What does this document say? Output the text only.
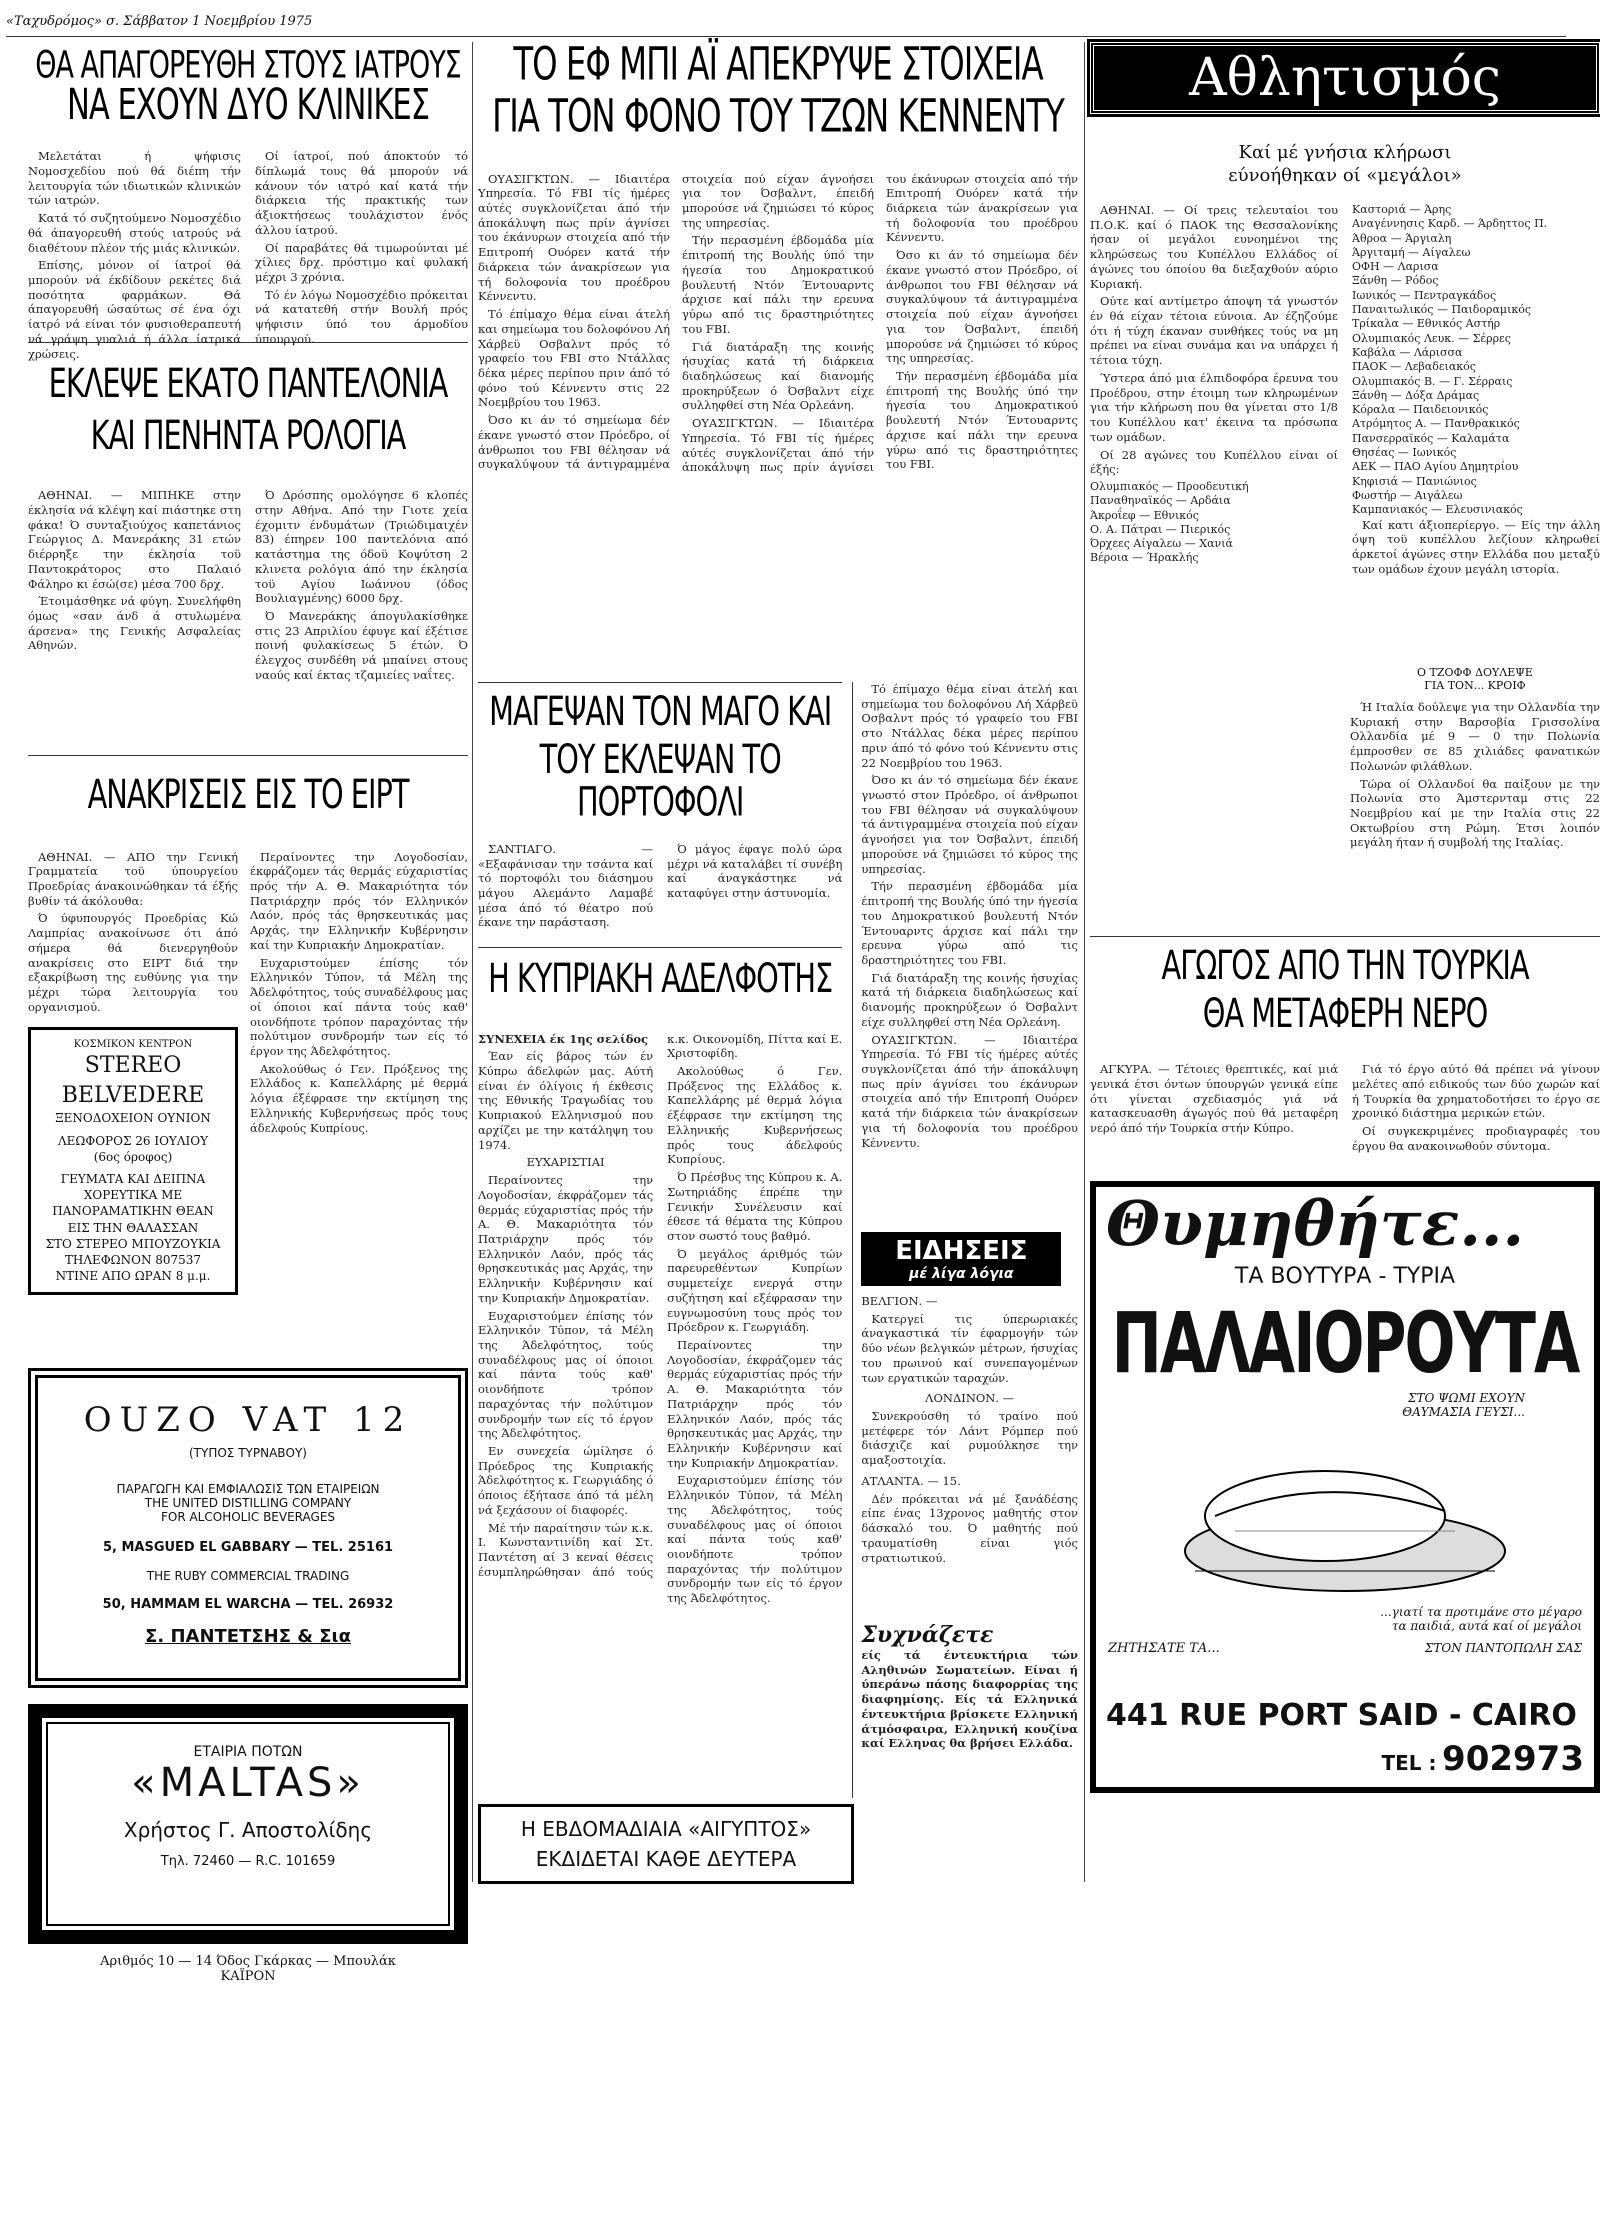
«Ταχυδρόμος» σ. Σάββατον 1 Νοεμβρίου 1975
ΘΑ ΑΠΑΓΟΡΕΥΘΗ ΣΤΟΥΣ ΙΑΤΡΟΥΣ
ΝΑ ΕΧΟΥΝ ΔΥΟ ΚΛΙΝΙΚΕΣ

Μελετάται ή ψήφισις Νομοσχεδίου πού θά διέπη τήν λειτουργία τών ιδιωτικών κλινικών τών ιατρών.

Κατά τό συζητούμενο Νομοσχέδιο θά άπαγορευθή στούς ιατρούς νά διαθέτουν πλέον τής μιάς κλινικών.

Επίσης, μόνον οί ίατροί θά μπορούν νά έκδίδουν ρεκέτες διά ποσότητα φαρμάκων. Θά άπαγορευθή ώσαύτως σέ ένα όχι ίατρό νά είναι τόν φυσιοθεραπευτή νά γράψη γυαλιά ή άλλα ίατρικά χρώσεις.

Οί ίατροί, πού άποκτούν τό δίπλωμά τους θά μπορούν νά κάνουν τόν ιατρό καί κατά τήν διάρκεια τής πρακτικής των άξιοκτήσεως τουλάχιστον ένός άλλου ίατρού.

Οί παραβάτες θά τιμωρούνται μέ χίλιες δρχ. πρόστιμο καί φυλακή μέχρι 3 χρόνια.

Τό έν λόγω Νομοσχέδιο πρόκειται νά κατατεθή στήν Βουλή πρός ψήφισιν ύπό του άρμοδίου ύπουργού.

ΕΚΛΕΨΕ ΕΚΑΤΟ ΠΑΝΤΕΛΟΝΙΑ
ΚΑΙ ΠΕΝΗΝΤΑ ΡΟΛΟΓΙΑ

ΑΘΗΝΑΙ. — ΜΙΠΗΚΕ στην έκλησία νά κλέψη καί πιάστηκε στη φάκα! Ό συνταξιούχος καπετάνιος Γεώργιος Δ. Μανεράκης 31 ετών διέρρηξε την έκλησία τοϋ Παντοκράτορος στο Παλαιό Φάληρο κι έσώ(σε) μέσα 700 δρχ.

Έτοιμάσθηκε νά φύγη. Συνελήφθη όμως «σαν άνδ ά στυλωμένα άρσενα» της Γενικής Ασφαλείας Αθηνών.

Ό Δρόσπης ομολόγησε 6 κλοπές στην Αθήνα. Από την Γιοτε χεία έχομιτν ένδυμάτων (Τριώδιμαιχέν 83) έπηρεν 100 παντελόνια από κατάστημα της όδοϋ Κοψύτση 2 κλινετα ρολόγια άπό την έκλησία τοϋ Αγίου Ιωάννου (όδος Βουλιαγμένης) 6000 δρχ.

Ό Μανεράκης άπογυλακίσθηκε στις 23 Απριλίου έφυγε καί έξέτισε ποινή φυλακίσεως 5 έτών. Ό έλεγχος συνδέθη νά μπαίνει στους ναούς καί έκτας τζαμιείες ναΐτες.

ΑΝΑΚΡΙΣΕΙΣ ΕΙΣ ΤΟ ΕΙΡΤ

ΑΘΗΝΑΙ. — ΑΠΟ την Γενική Γραμματεία τοϋ ύπουργείου Προεδρίας άνακοινώθηκαν τά έξής βυθίν τά άκόλουθα:

Ό ύφυπουργός Προεδρίας Κώ Λαμπρίας ανακοίνωσε ότι άπό σήμερα θά διενεργηθούν ανακρίσεις στο ΕΙΡΤ διά την εξακρίβωση της ευθύνης για την μέχρι τώρα λειτουργία του οργανισμού.

ΚΟΣΜΙΚΟΝ ΚΕΝΤΡΟΝ
STEREO
BELVEDERE
ΞΕΝΟΔΟΧΕΙΟΝ ΟΥΝΙΟΝ
ΛΕΩΦΟΡΟΣ 26 ΙΟΥΛΙΟΥ
(6ος όροφος)
ΓΕΥΜΑΤΑ ΚΑΙ ΔΕΙΠΝΑ
ΧΟΡΕΥΤΙΚΑ ΜΕ
ΠΑΝΟΡΑΜΑΤΙΚΗΝ ΘΕΑΝ
ΕΙΣ ΤΗΝ ΘΑΛΑΣΣΑΝ
ΣΤΟ ΣΤΕΡΕΟ ΜΠΟΥΖΟΥΚΙΑ
ΤΗΛΕΦΩΝΟΝ 807537
ΝΤΙΝΕ ΑΠΟ ΩΡΑΝ 8 μ.μ.

Περαίνοντες την Λογοδοσίαν, έκφράζομεν τάς θερμάς εύχαριστίας πρός τήν Α. Θ. Μακαριότητα τόν Πατριάρχην πρός τόν Ελληνικόν Λαόν, πρός τάς θρησκευτικάς μας Αρχάς, την Ελληνικήν Κυβέρνησιν καί την Κυπριακήν Δημοκρατίαν.

Ευχαριστούμεν έπίσης τόν Ελληνικόν Τύπον, τά Μέλη της Άδελφότητος, τούς συναδέλφους μας οί όποιοι καί πάντα τούς καθ' οιονδήποτε τρόπον παραχόντας τήν πολύτιμον συνδρομήν των είς τό έργον της Άδελφότητος.

Ακολούθως ό Γεν. Πρόξενος της Ελλάδος κ. Καπελλάρης μέ θερμά λόγια έξέφρασε την εκτίμηση της Ελληνικής Κυβερνήσεως πρός τους άδελφούς Κυπρίους.

OUZO VAT 12
(ΤΥΠΟΣ ΤΥΡΝΑΒΟΥ)
ΠΑΡΑΓΩΓΗ ΚΑΙ ΕΜΦΙΑΛΩΣΙΣ ΤΩΝ ΕΤΑΙΡΕΙΩΝ
THE UNITED DISTILLING COMPANY
FOR ALCOHOLIC BEVERAGES
5, MASGUED EL GABBARY — TEL. 25161
THE RUBY COMMERCIAL TRADING
50, HAMMAM EL WARCHA — TEL. 26932
Σ. ΠΑΝΤΕΤΣΗΣ & Σια
ΕΤΑΙΡΙΑ ΠΟΤΩΝ
«MALTAS»
Χρήστος Γ. Αποστολίδης
Τηλ. 72460 — R.C. 101659
Αριθμός 10 — 14 Όδος Γκάρκας — Μπουλάκ
ΚΑΪΡΟΝ
ΤΟ ΕΦ ΜΠΙ ΑΪ ΑΠΕΚΡΥΨΕ ΣΤΟΙΧΕΙΑ
ΓΙΑ ΤΟΝ ΦΟΝΟ ΤΟΥ ΤΖΩΝ ΚΕΝΝΕΝΤΥ

ΟΥΑΣΙΓΚΤΩΝ. — Ιδιαιτέρα Υπηρεσία. Τό FBI τίς ήμέρες αύτές συγκλονίζεται άπό τήν άποκάλυψη πως πρίν άγνίσει του έκάνυρων στοιχεία από τήν Επιτροπή Ουόρεν κατά τήν διάρκεια τών άνακρίσεων για τή δολοφονία του προέδρου Κέννεντυ.

Τό έπίμαχο θέμα είναι άτελή και σημείωμα του δολοφόνου Λή Χάρβεϋ Οσβαλντ πρός τό γραφείο του FBI στο Ντάλλας δέκα μέρες περίπου πριν άπό τό φόνο τού Κέννεντυ στις 22 Νοεμβρίου του 1963.

Όσο κι άν τό σημείωμα δέν έκανε γνωστό στον Πρόεδρο, οί άνθρωποι του FBI θέλησαν νά συγκαλύψουν τά άντιγραμμένα στοιχεία πού είχαν άγνοήσει για τον Όσβαλντ, έπειδή μπορούσε νά ζημιώσει τό κύρος της υπηρεσίας.

Τήν περασμένη έβδομάδα μία έπιτροπή της Βουλής ύπό την ήγεσία του Δημοκρατικού βουλευτή Ντόν Έντουαρντς άρχισε καί πάλι την ερευνα γύρω από τις δραστηριότητες του FBI.

Γιά διατάραξη της κοινής ήσυχίας κατά τή διάρκεια διαδηλώσεως καί διανομής προκηρύξεων ό Όσβαλντ είχε συλληφθεί στη Νέα Ορλεάνη.

ΟΥΑΣΙΓΚΤΩΝ. — Ιδιαιτέρα Υπηρεσία. Τό FBI τίς ήμέρες αύτές συγκλονίζεται άπό τήν άποκάλυψη πως πρίν άγνίσει του έκάνυρων στοιχεία από τήν Επιτροπή Ουόρεν κατά τήν διάρκεια τών άνακρίσεων για τή δολοφονία του προέδρου Κέννεντυ.

Όσο κι άν τό σημείωμα δέν έκανε γνωστό στον Πρόεδρο, οί άνθρωποι του FBI θέλησαν νά συγκαλύψουν τά άντιγραμμένα στοιχεία πού είχαν άγνοήσει για τον Όσβαλντ, έπειδή μπορούσε νά ζημιώσει τό κύρος της υπηρεσίας.

Τήν περασμένη έβδομάδα μία έπιτροπή της Βουλής ύπό την ήγεσία του Δημοκρατικού βουλευτή Ντόν Έντουαρντς άρχισε καί πάλι την ερευνα γύρω από τις δραστηριότητες του FBI.

ΜΑΓΕΨΑΝ ΤΟΝ ΜΑΓΟ ΚΑΙ
ΤΟΥ ΕΚΛΕΨΑΝ ΤΟ ΠΟΡΤΟΦΟΛΙ

ΣΑΝΤΙΑΓΟ. — «Εξαφάνισαν την τσάντα καί τό πορτοφόλι του διάσημου μάγου Αλεμάντο Λαμαβέ μέσα άπό τό θέατρο πού έκανε την παράσταση.

Ό μάγος έφαγε πολύ ώρα μέχρι νά καταλάβει τί συνέβη καί άναγκάστηκε νά καταφύγει στην άστυνομία.

Η ΚΥΠΡΙΑΚΗ ΑΔΕΛΦΟΤΗΣ

ΣΥΝΕΧΕΙΑ έκ 1ης σελίδος

Έαν είς βάρος τών έν Κύπρω άδελφών μας. Αύτή είναι έν όλίγοις ή έκθεσις της Εθνικής Τραγωδίας του Κυπριακού Ελληνισμού που αρχίζει με την κατάληψη του 1974.

ΕΥΧΑΡΙΣΤΙΑΙ

Περαίνοντες την Λογοδοσίαν, έκφράζομεν τάς θερμάς εύχαριστίας πρός τήν Α. Θ. Μακαριότητα τόν Πατριάρχην πρός τόν Ελληνικόν Λαόν, πρός τάς θρησκευτικάς μας Αρχάς, την Ελληνικήν Κυβέρνησιν καί την Κυπριακήν Δημοκρατίαν.

Ευχαριστούμεν έπίσης τόν Ελληνικόν Τύπον, τά Μέλη της Άδελφότητος, τούς συναδέλφους μας οί όποιοι καί πάντα τούς καθ' οιονδήποτε τρόπον παραχόντας τήν πολύτιμον συνδρομήν των είς τό έργον της Άδελφότητος.

Εν συνεχεία ώμίλησε ό Πρόεδρος της Κυπριακής Άδελφότητος κ. Γεωργιάδης ό όποιος έξήτασε άπό τά μέλη νά ξεχάσουν οί διαφορές.

Μέ τήν παραίτησιν τών κ.κ. Ι. Κωνσταντινίδη καί Στ. Παντέτση αί 3 κεναί θέσεις έσυμπληρώθησαν άπό τούς κ.κ. Οικονομίδη, Πίττα καί Ε. Χριστοφίδη.

Ακολούθως ό Γεν. Πρόξενος της Ελλάδος κ. Καπελλάρης μέ θερμά λόγια έξέφρασε την εκτίμηση της Ελληνικής Κυβερνήσεως πρός τους άδελφούς Κυπρίους.

Ό Πρέσβυς της Κύπρου κ. Α. Σωτηριάδης έπρέπε την Γενικήν Συνέλευσιν καί έθεσε τά θέματα της Κύπρου στον σωστό τους βαθμό.

Ό μεγάλος άριθμός τών παρευρεθέντων Κυπρίων συμμετείχε ενεργά στην συζήτηση καί εξέφρασαν την ευγνωμοσύνη τους πρός τον Πρόεδρον κ. Γεωργιάδη.

Περαίνοντες την Λογοδοσίαν, έκφράζομεν τάς θερμάς εύχαριστίας πρός τήν Α. Θ. Μακαριότητα τόν Πατριάρχην πρός τόν Ελληνικόν Λαόν, πρός τάς θρησκευτικάς μας Αρχάς, την Ελληνικήν Κυβέρνησιν καί την Κυπριακήν Δημοκρατίαν.

Ευχαριστούμεν έπίσης τόν Ελληνικόν Τύπον, τά Μέλη της Άδελφότητος, τούς συναδέλφους μας οί όποιοι καί πάντα τούς καθ' οιονδήποτε τρόπον παραχόντας τήν πολύτιμον συνδρομήν των είς τό έργον της Άδελφότητος.

Τό έπίμαχο θέμα είναι άτελή και σημείωμα του δολοφόνου Λή Χάρβεϋ Οσβαλντ πρός τό γραφείο του FBI στο Ντάλλας δέκα μέρες περίπου πριν άπό τό φόνο τού Κέννεντυ στις 22 Νοεμβρίου του 1963.

Όσο κι άν τό σημείωμα δέν έκανε γνωστό στον Πρόεδρο, οί άνθρωποι του FBI θέλησαν νά συγκαλύψουν τά άντιγραμμένα στοιχεία πού είχαν άγνοήσει για τον Όσβαλντ, έπειδή μπορούσε νά ζημιώσει τό κύρος της υπηρεσίας.

Τήν περασμένη έβδομάδα μία έπιτροπή της Βουλής ύπό την ήγεσία του Δημοκρατικού βουλευτή Ντόν Έντουαρντς άρχισε καί πάλι την ερευνα γύρω από τις δραστηριότητες του FBI.

Γιά διατάραξη της κοινής ήσυχίας κατά τή διάρκεια διαδηλώσεως καί διανομής προκηρύξεων ό Όσβαλντ είχε συλληφθεί στη Νέα Ορλεάνη.

ΟΥΑΣΙΓΚΤΩΝ. — Ιδιαιτέρα Υπηρεσία. Τό FBI τίς ήμέρες αύτές συγκλονίζεται άπό τήν άποκάλυψη πως πρίν άγνίσει του έκάνυρων στοιχεία από τήν Επιτροπή Ουόρεν κατά τήν διάρκεια τών άνακρίσεων για τή δολοφονία του προέδρου Κέννεντυ.

ΕΙΔΗΣΕΙΣ
μέ λίγα λόγια

ΒΕΛΓΙΟΝ. —

Κατεργεί τις ύπερωριακές άναγκαστικά τίν έφαρμογήν τών δύο νέων βελγικών μέτρων, ήσυχίας του πρωινού καί συνεπαγομένων των εργατικών ταραχών.

ΛΟΝΔΙΝΟΝ. —

Συνεκρούσθη τό τραίνο πού μετέφερε τόν Λάντ Ρόμπερ πού διάσχιζε καί ρυμούλκησε την αμαξοστοιχία.

ΑΤΛΑΝΤΑ. — 15.

Δέν πρόκειται νά μέ ξανάδέσης είπε ένας 13χρονος μαθητής στον δάσκαλό του. Ό μαθητής πού τραυματίσθη είναι γιός στρατιωτικού.

Συχνάζετε
είς τά έντευκτήρια τών Αληθινών Σωματείων. Είναι ή ύπεράνω πάσης διαφορρίας της διαφημίσης. Είς τά Ελληνικά έντευκτήρια βρίσκετε Ελληνική άτμόσφαιρα, Ελληνική κουζίνα καί Ελληνας θα βρήσει Ελλάδα.
Η ΕΒΔΟΜΑΔΙΑΙΑ «ΑΙΓΥΠΤΟΣ»
ΕΚΔΙΔΕΤΑΙ ΚΑΘΕ ΔΕΥΤΕΡΑ
Αθλητισμός
Καί μέ γνήσια κλήρωσι
εύνοήθηκαν οί «μεγάλοι»

ΑΘΗΝΑΙ. — Οί τρεις τελευταίοι του Π.Ο.Κ. καί ό ΠΑΟΚ της Θεσσαλονίκης ήσαν οί μεγάλοι ευνοημένοι της κληρώσεως του Κυπέλλου Ελλάδος οί άγώνες του όποίου θα διεξαχθούν αύριο Κυριακή.

Ούτε καί αντίμετρο άποψη τά γνωστόν έν θά είχαν τέτοια εύνοια. Αν έζηζούμε ότι ή τύχη έκαναν συνθήκες τούς να μη πρέπει να είναι συνάμα και να υπάρχει ή τέτοια τύχη.

Ύστερα άπό μια έλπιδοφόρα έρευνα του Προέδρου, στην έτοιμη των κληρωμένων για τήν κλήρωση που θα γίνεται στο 1/8 του Κυπέλλου κατ' έκεινα τα πρόσωπα των ομάδων.

Οί 28 αγώνες του Κυπέλλου είναι οί έξής:

Ολυμπιακός — Προοδευτική
Παναθηναϊκός — Αρδάια
Άκροΐεφ — Εθνικός
Ο. Α. Πάτραι — Πιερικός
Όρχεες Αίγαλεω — Χανιά
Βέροια — Ήρακλής
Καστοριά — Άρης
Αναγέννησις Καρδ. — Άρδηττος Π.
Άθροα — Άργιαλη
Άργιταμή — Αίγαλεω
ΟΦΗ — Λαρισα
Ξάνθη — Ρόδος
Ιωνικός — Πεντραγκάδος
Παναιτωλικός — Παιδοραμικός
Τρίκαλα — Εθνικός Αστήρ
Ολυμπιακός Λευκ. — Σέρρες
Καβάλα — Λάρισσα
ΠΑΟΚ — Λεβαδειακός
Ολυμπιακός Β. — Γ. Σέρραις
Ξάνθη — Δόξα Δράμας
Κόραλα — Παιδειονικός
Ατρόμητος Α. — Πανθρακικός
Πανσερραϊκός — Καλαμάτα
Θησέας — Ιωνικός
ΑΕΚ — ΠΑΟ Αγίου Δημητρίου
Κηφισιά — Πανιώνιος
Φωστήρ — Αιγάλεω
Καμπανιακός — Ελευσινιακός

Καί κατι άξιοπερίεργο. — Είς την άλλη όψη τοϋ κυπέλλου λεζίουν κληρωθεί άρκετοί άγώνες στην Ελλάδα που μεταξύ των ομάδων έχουν μεγάλη ιστορία.

Ο ΤΖΟΦΦ ΔΟΥΛΕΨΕ
ΓΙΑ ΤΟΝ... ΚΡΟΙΦ

Ή Ιταλία δούλεψε για την Ολλανδία την Κυριακή στην Βαρσοβία Γρισσολίνα Ολλανδία μέ 9 — 0 την Πολωνία έμπροσθεν σε 85 χιλιάδες φανατικών Πολωνών φιλάθλων.

Τώρα οί Ολλανδοί θα παίξουν με την Πολωνία στο Άμστερνταμ στις 22 Νοεμβρίου καί με την Ιταλία στις 22 Οκτωβρίου στη Ρώμη. Έτσι λοιπόν μεγάλη ήταν ή συμβολή της Ιταλίας.

ΑΓΩΓΟΣ ΑΠΟ ΤΗΝ ΤΟΥΡΚΙΑ
ΘΑ ΜΕΤΑΦΕΡΗ ΝΕΡΟ

ΑΓΚΥΡΑ. — Τέτοιες θρεπτικές, καί μιά γενικά έτσι όντων ύπουργών γενικά είπε ότι γίνεται σχεδιασμός γιά νά κατασκευασθη άγωγός πού θά μεταφέρη νερό άπό τήν Τουρκία στήν Κύπρο.

Γιά τό έργο αύτό θά πρέπει νά γίνουν μελέτες από ειδικούς των δύο χωρών καί ή Τουρκία θα χρηματοδοτήσει το έργο σε χρονικό διάστημα μερικών ετών.

Οί συγκεκριμένες προδιαγραφές του έργου θα ανακοινωθούν σύντομα.

Θυμηθήτε...
ΤΑ ΒΟΥΤΥΡΑ - ΤΥΡΙΑ
ΠΑΛΑΙΟΡΟΥΤΑ
ΣΤΟ ΨΩΜΙ ΕΧΟΥΝ
ΘΑΥΜΑΣΙΑ ΓΕΥΣΙ...
...γιατί τα προτιμάνε στο μέγαρο
τα παιδιά, αυτά καί οί μεγάλοι
ΖΗΤΗΣΑΤΕ ΤΑ...	ΣΤΟΝ ΠΑΝΤΟΠΩΛΗ ΣΑΣ
441 RUE PORT SAID - CAIRO
TEL : 902973
